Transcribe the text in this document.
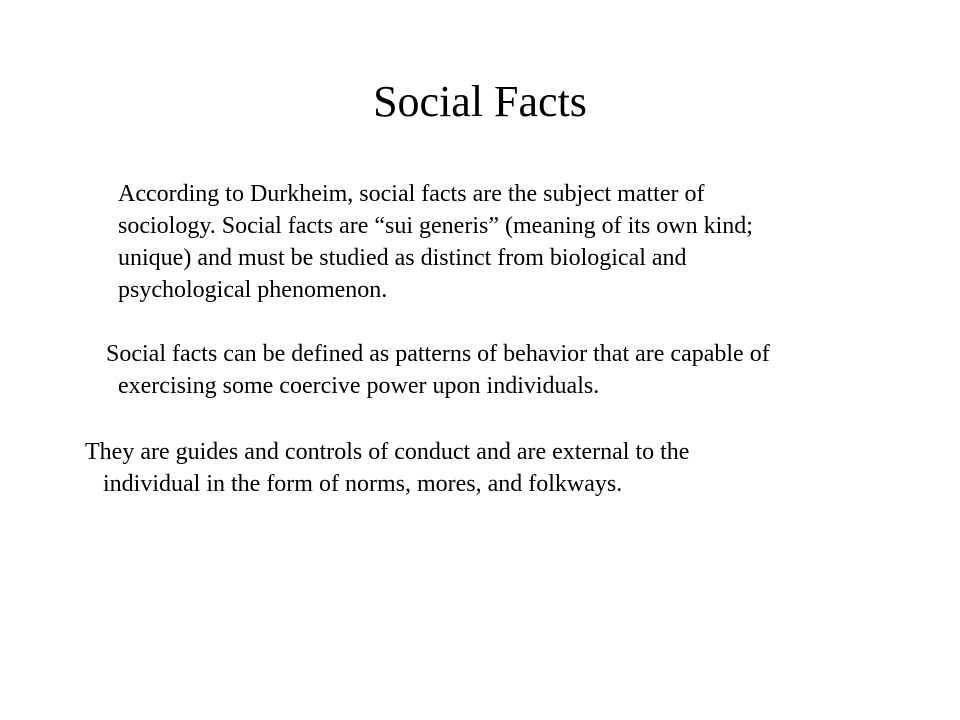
Social Facts
According to Durkheim, social facts are the subject matter of
sociology. Social facts are “sui generis” (meaning of its own kind;
unique) and must be studied as distinct from biological and
psychological phenomenon.
Social facts can be defined as patterns of behavior that are capable of
exercising some coercive power upon individuals.
They are guides and controls of conduct and are external to the
individual in the form of norms, mores, and folkways.
